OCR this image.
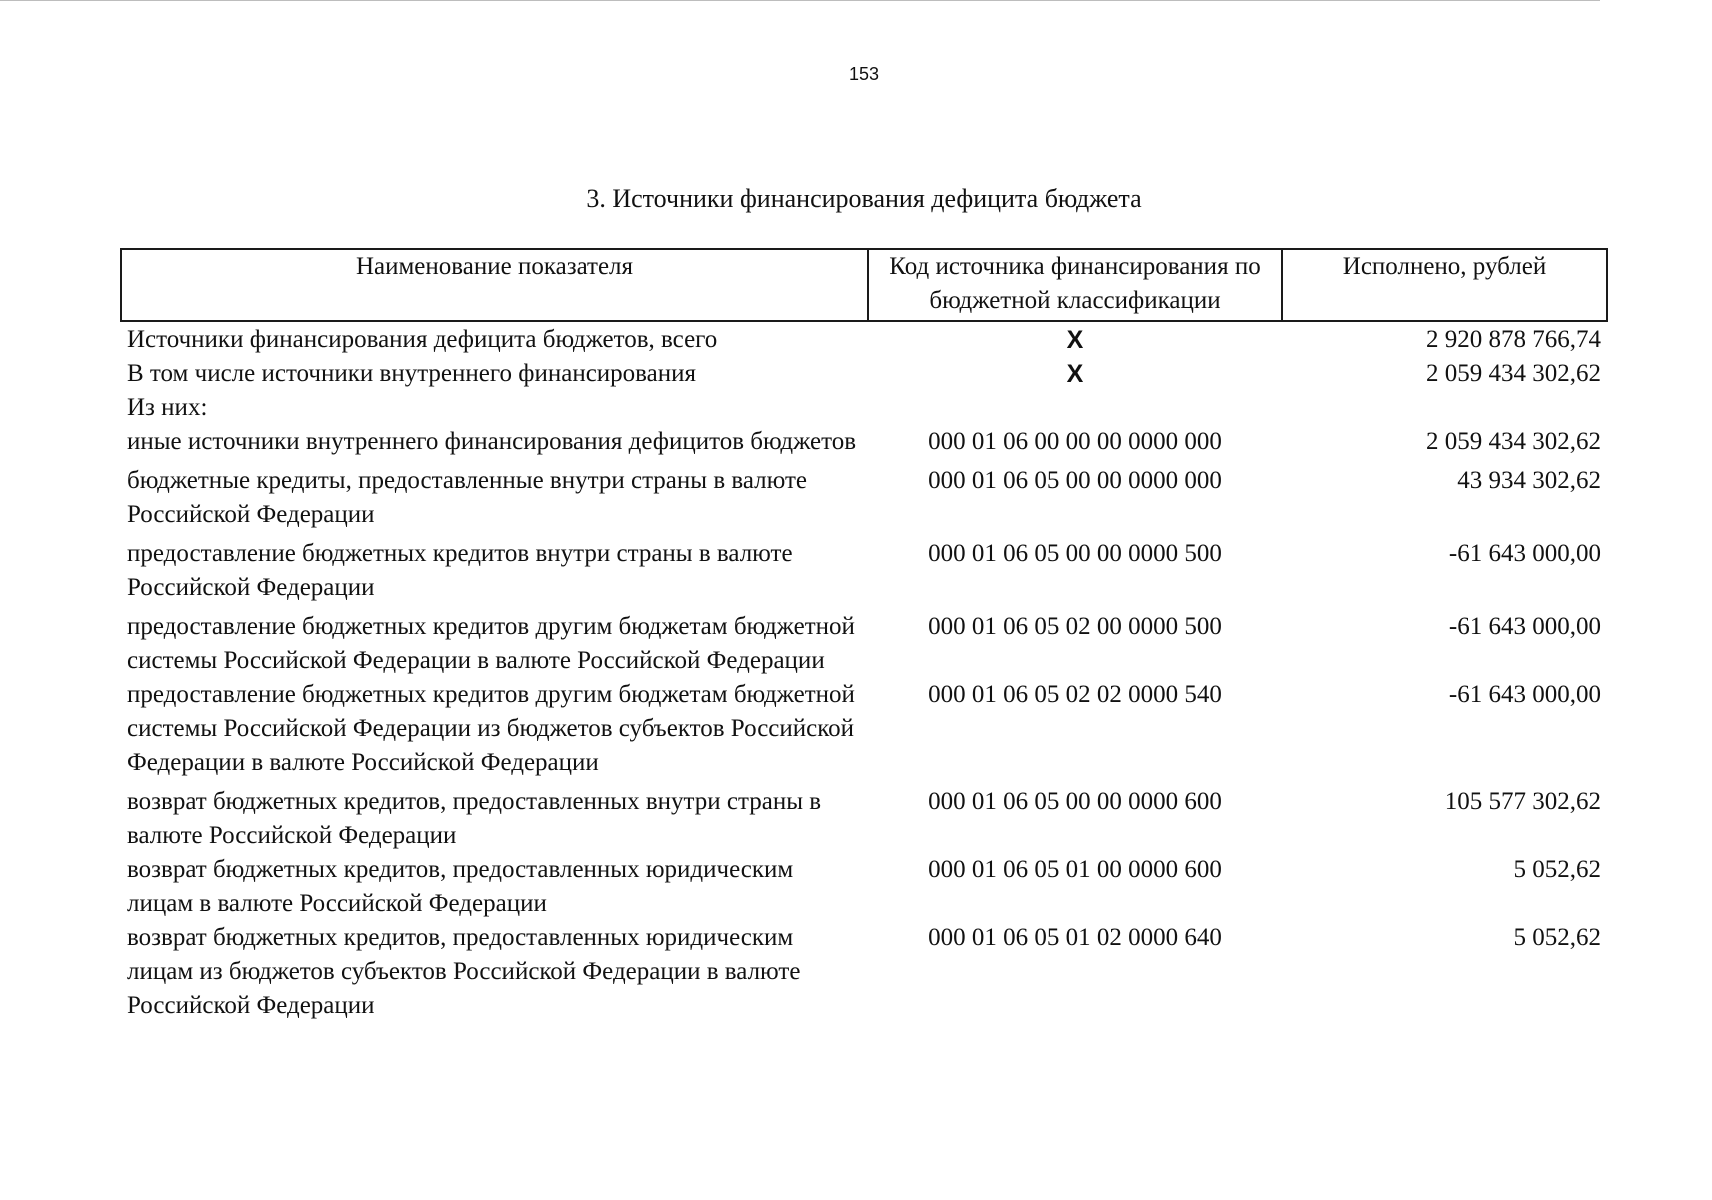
153
3. Источники финансирования дефицита бюджета
Наименование показателя	Код источника финансирования по бюджетной классификации	Исполнено, рублей
Источники финансирования дефицита бюджетов, всего	X	2 920 878 766,74
В том числе источники внутреннего финансирования	X	2 059 434 302,62
Из них:		
иные источники внутреннего финансирования дефицитов бюджетов	000 01 06 00 00 00 0000 000	2 059 434 302,62
бюджетные кредиты, предоставленные внутри страны в валюте Российской Федерации	000 01 06 05 00 00 0000 000	43 934 302,62
предоставление бюджетных кредитов внутри страны в валюте Российской Федерации	000 01 06 05 00 00 0000 500	-61 643 000,00
предоставление бюджетных кредитов другим бюджетам бюджетной системы Российской Федерации в валюте Российской Федерации	000 01 06 05 02 00 0000 500	-61 643 000,00
предоставление бюджетных кредитов другим бюджетам бюджетной системы Российской Федерации из бюджетов субъектов Российской Федерации в валюте Российской Федерации	000 01 06 05 02 02 0000 540	-61 643 000,00
возврат бюджетных кредитов, предоставленных внутри страны в валюте Российской Федерации	000 01 06 05 00 00 0000 600	105 577 302,62
возврат бюджетных кредитов, предоставленных юридическим лицам в валюте Российской Федерации	000 01 06 05 01 00 0000 600	5 052,62
возврат бюджетных кредитов, предоставленных юридическим лицам из бюджетов субъектов Российской Федерации в валюте Российской Федерации	000 01 06 05 01 02 0000 640	5 052,62
